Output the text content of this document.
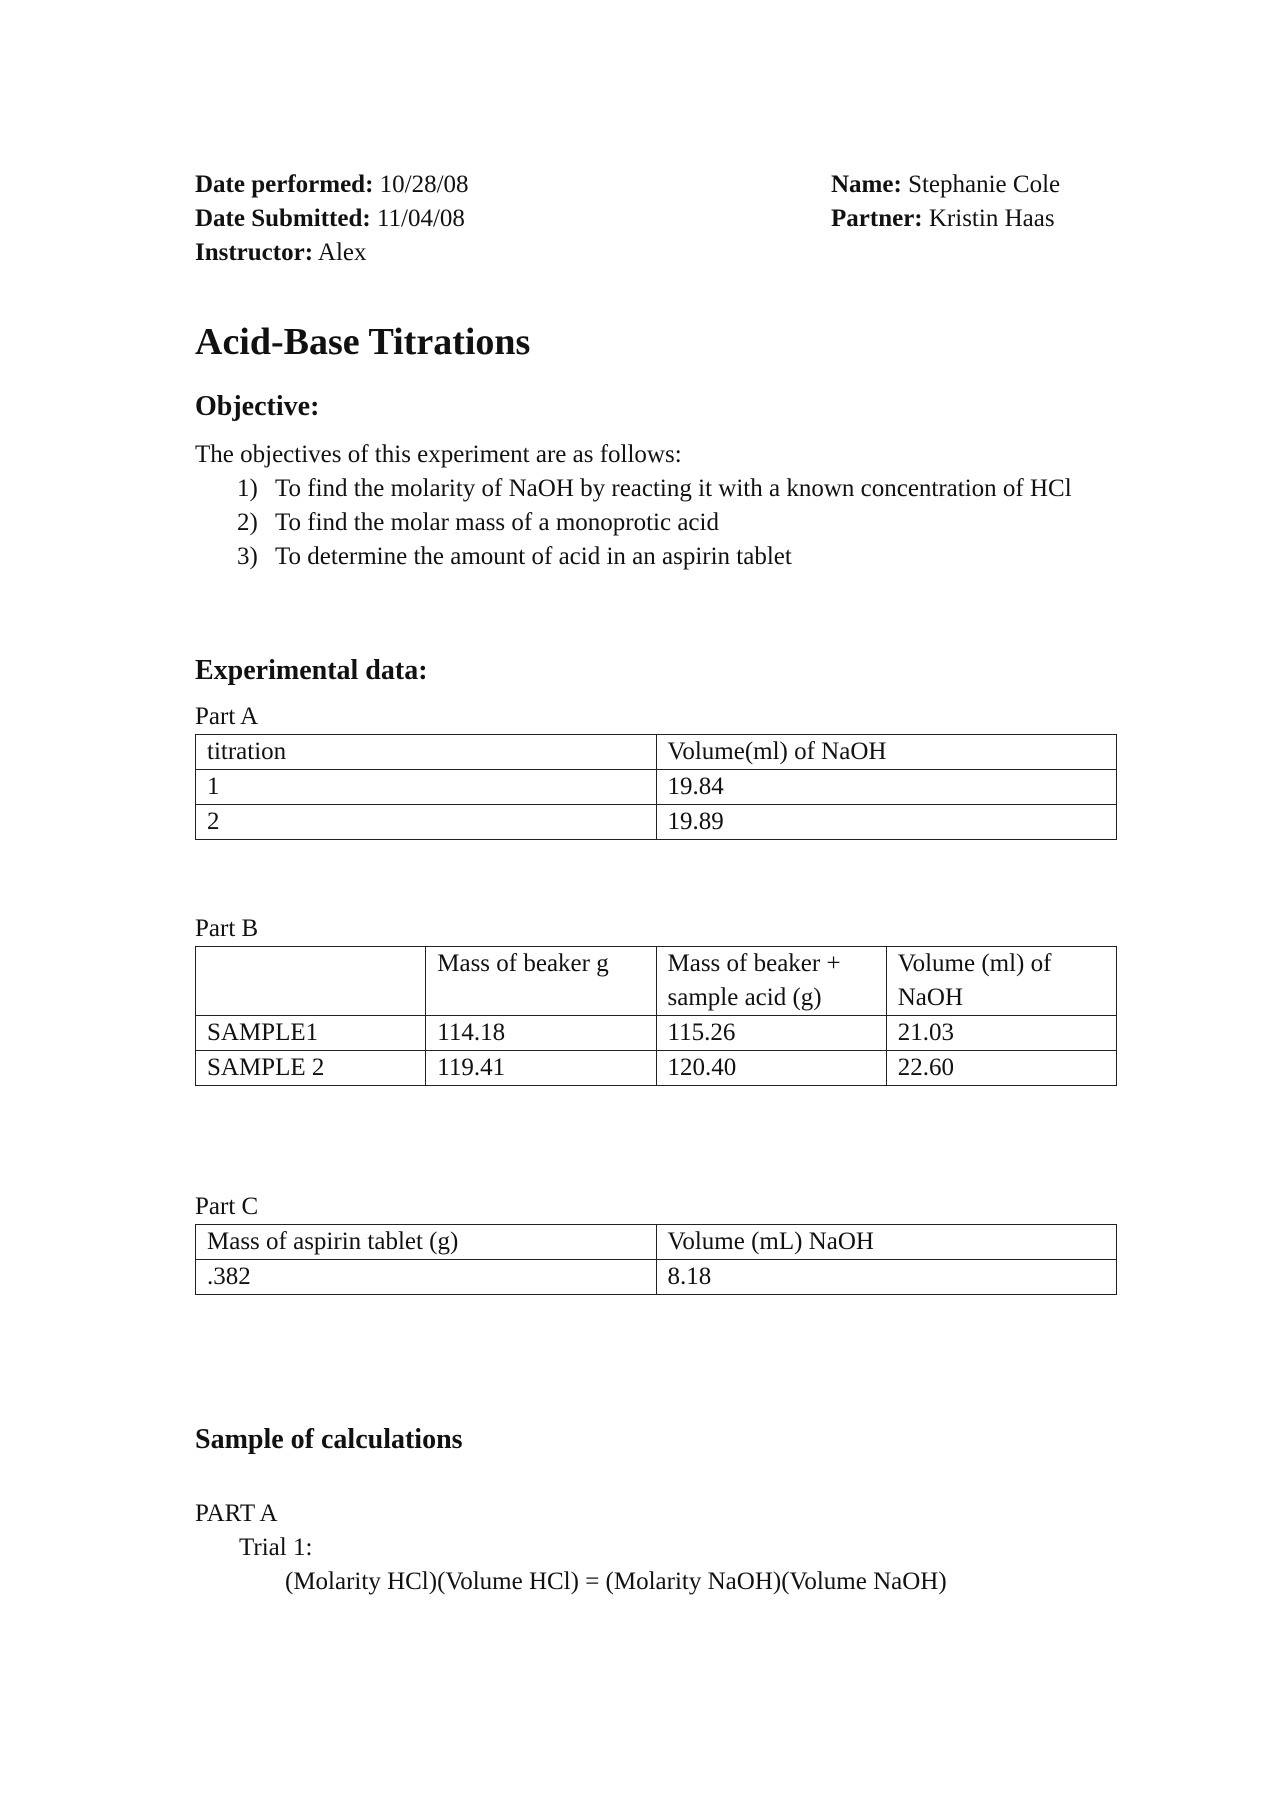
Date performed: 10/28/08
Date Submitted: 11/04/08
Instructor: Alex
Name: Stephanie Cole
Partner: Kristin Haas
Acid-Base Titrations
Objective:
The objectives of this experiment are as follows:
1) To find the molarity of NaOH by reacting it with a known concentration of HCl
2) To find the molar mass of a monoprotic acid
3) To determine the amount of acid in an aspirin tablet
Experimental data:
Part A
titration	Volume(ml) of NaOH
1	19.84
2	19.89
Part B
	Mass of beaker g	Mass of beaker + sample acid (g)	Volume (ml) of NaOH
SAMPLE1	114.18	115.26	21.03
SAMPLE 2	119.41	120.40	22.60
Part C
Mass of aspirin tablet (g)	Volume (mL) NaOH
.382	8.18
Sample of calculations
PART A
Trial 1:
(Molarity HCl)(Volume HCl) = (Molarity NaOH)(Volume NaOH)
